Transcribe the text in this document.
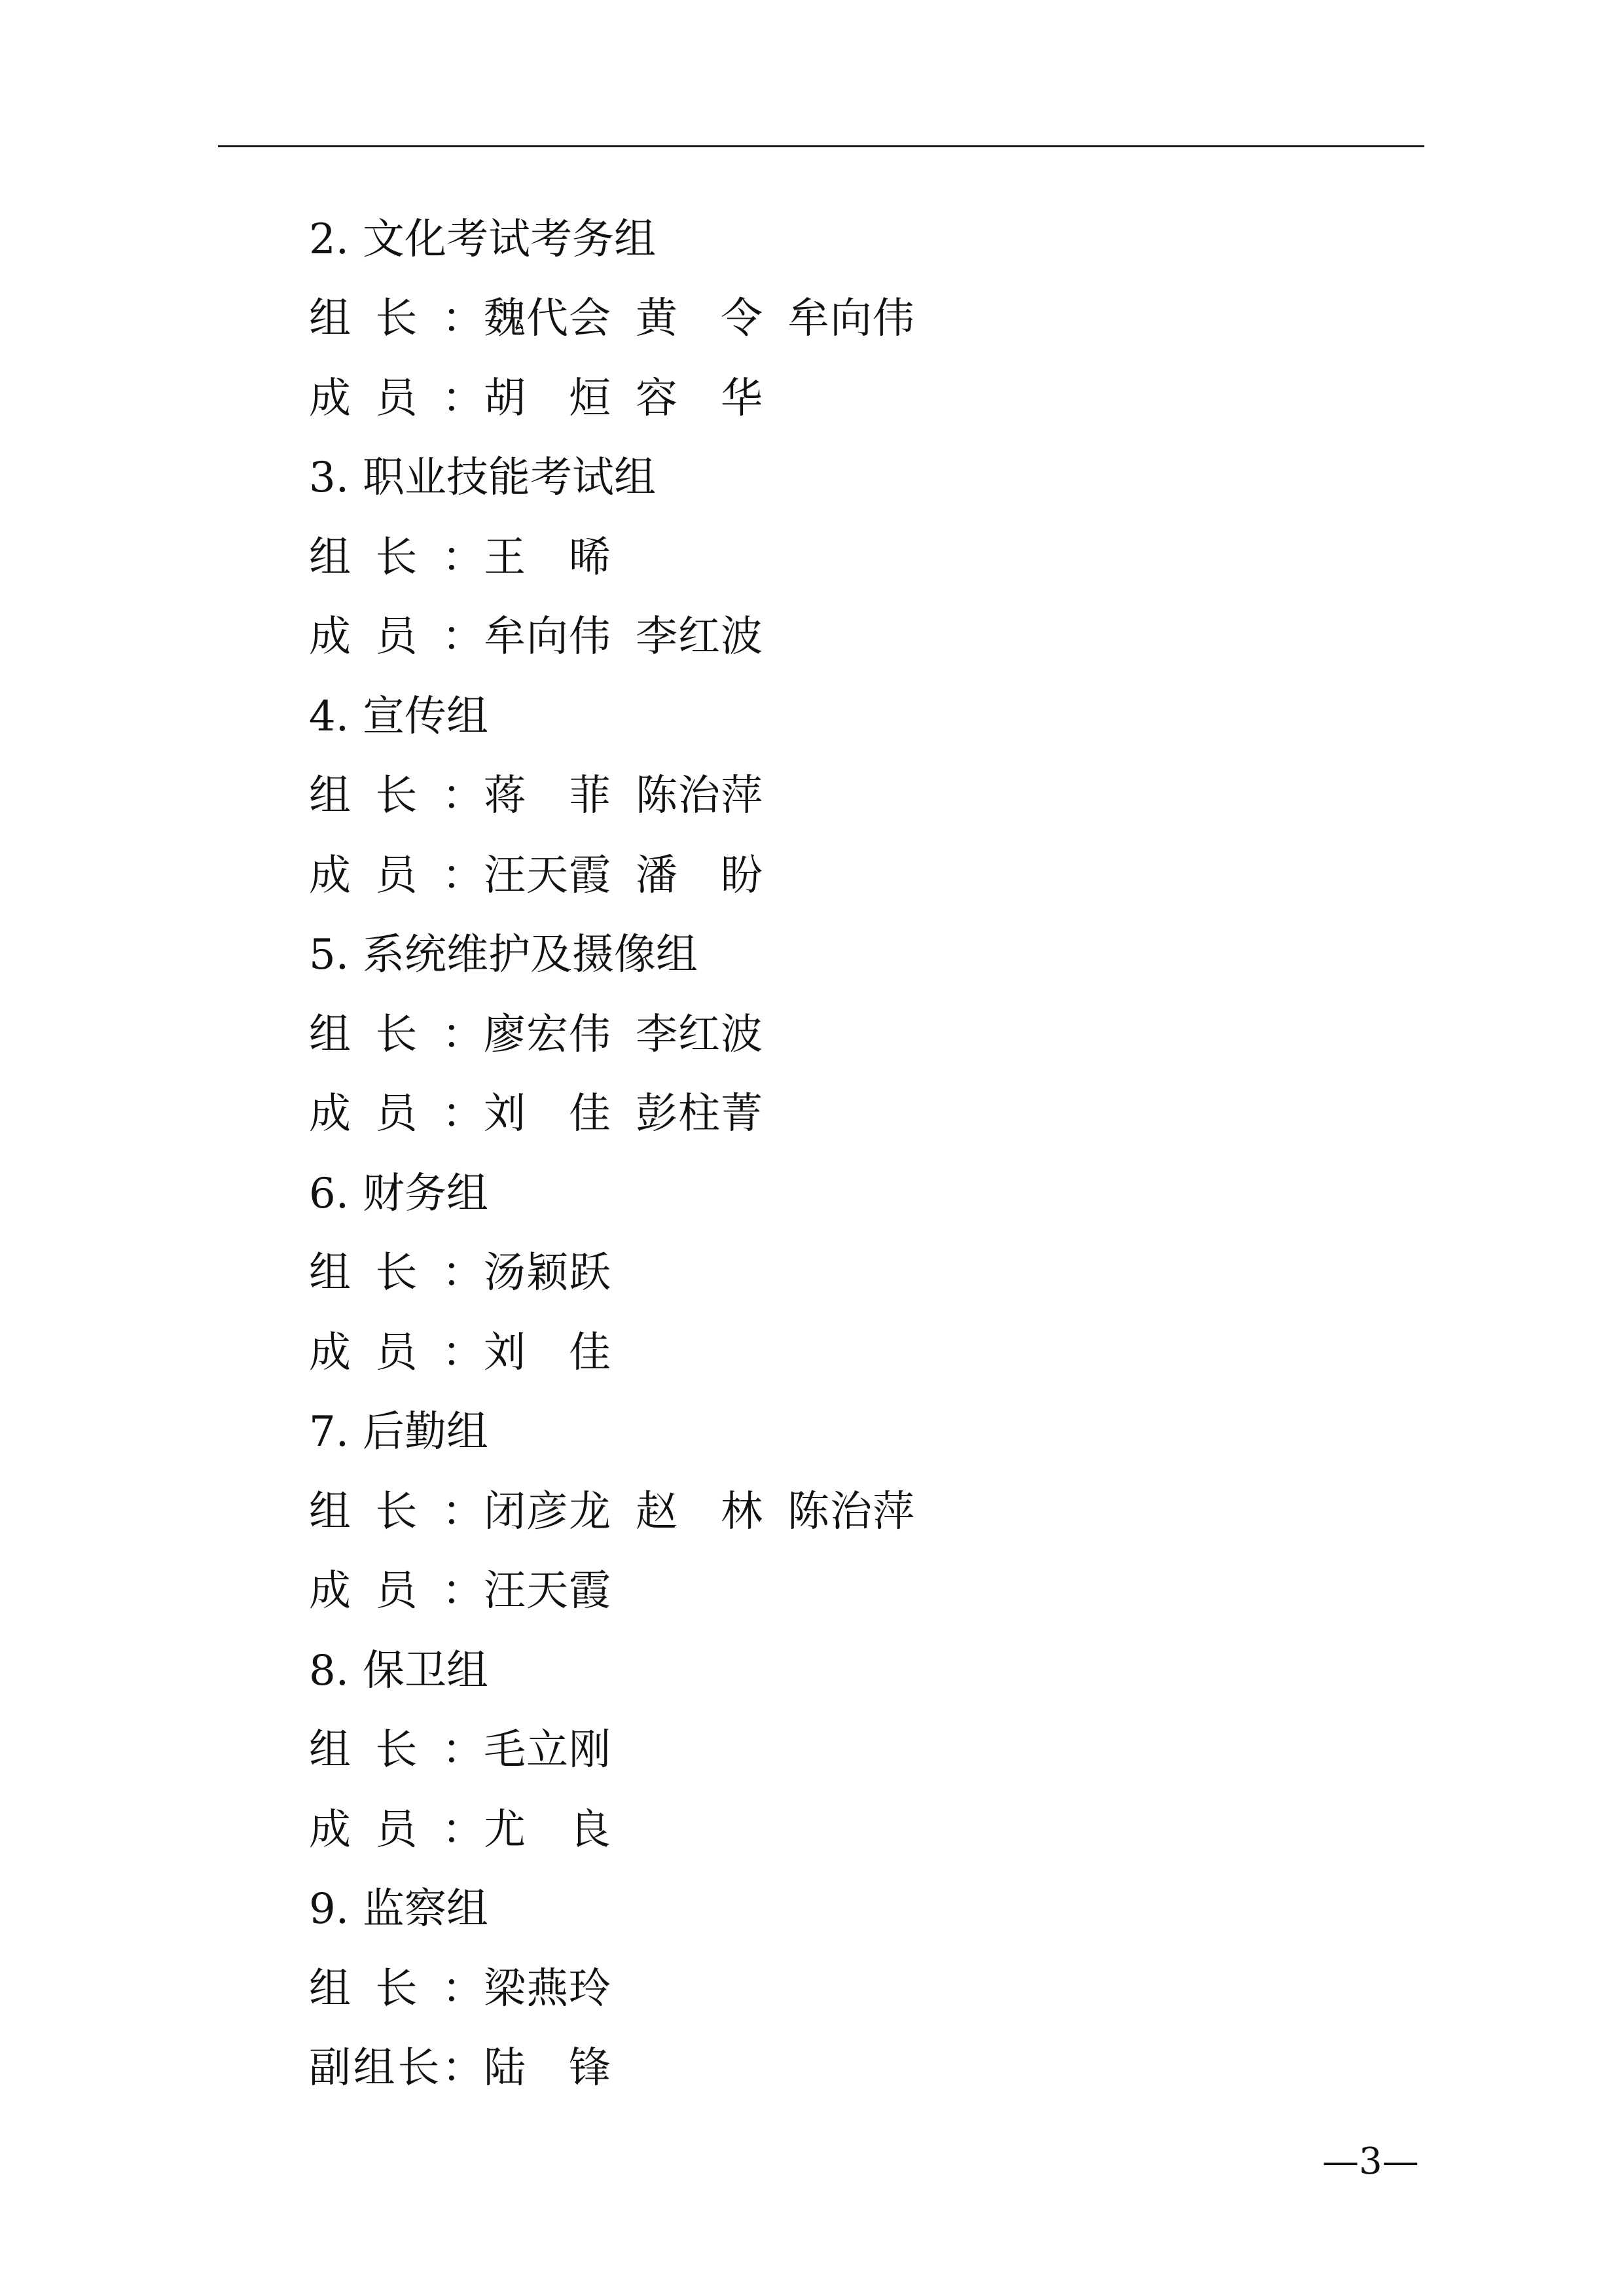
2. 文化考试考务组
组长： 魏代会 黄令 牟向伟
成员： 胡烜 容华
3. 职业技能考试组
组长： 王晞
成员： 牟向伟 李红波
4. 宣传组
组长： 蒋菲 陈治萍
成员： 汪天霞 潘盼
5. 系统维护及摄像组
组长： 廖宏伟 李红波
成员： 刘佳 彭柱菁
6. 财务组
组长： 汤颖跃
成员： 刘佳
7. 后勤组
组长： 闭彦龙 赵林 陈治萍
成员： 汪天霞
8. 保卫组
组长： 毛立刚
成员： 尤良
9. 监察组
组长： 梁燕玲
副组长： 陆锋
—3—
